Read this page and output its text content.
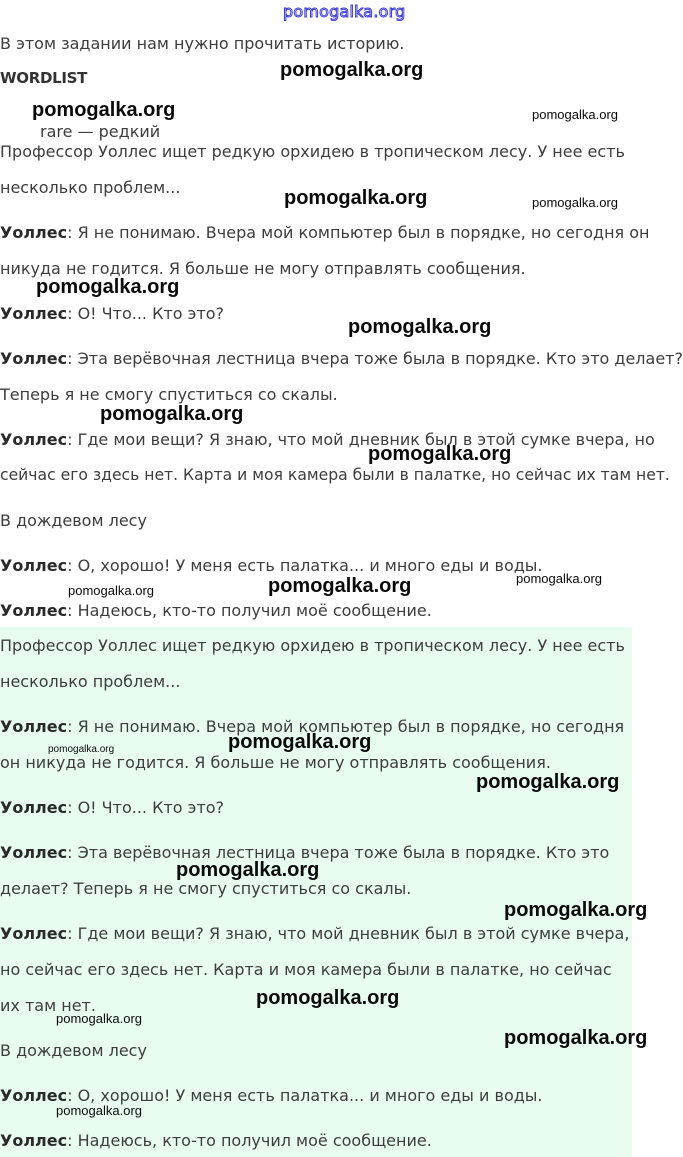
pomogalka.org
В этом задании нам нужно прочитать историю.
WORDLIST
rare — редкий
Профессор Уоллес ищет редкую орхидею в тропическом лесу. У нее есть
несколько проблем...
Уоллес: Я не понимаю. Вчера мой компьютер был в порядке, но сегодня он
никуда не годится. Я больше не могу отправлять сообщения.
Уоллес: О! Что... Кто это?
Уоллес: Эта верёвочная лестница вчера тоже была в порядке. Кто это делает?
Теперь я не смогу спуститься со скалы.
Уоллес: Где мои вещи? Я знаю, что мой дневник был в этой сумке вчера, но
сейчас его здесь нет. Карта и моя камера были в палатке, но сейчас их там нет.
В дождевом лесу
Уоллес: О, хорошо! У меня есть палатка... и много еды и воды.
Уоллес: Надеюсь, кто-то получил моё сообщение.
Профессор Уоллес ищет редкую орхидею в тропическом лесу. У нее есть
несколько проблем...
Уоллес: Я не понимаю. Вчера мой компьютер был в порядке, но сегодня
он никуда не годится. Я больше не могу отправлять сообщения.
Уоллес: О! Что... Кто это?
Уоллес: Эта верёвочная лестница вчера тоже была в порядке. Кто это
делает? Теперь я не смогу спуститься со скалы.
Уоллес: Где мои вещи? Я знаю, что мой дневник был в этой сумке вчера,
но сейчас его здесь нет. Карта и моя камера были в палатке, но сейчас
их там нет.
В дождевом лесу
Уоллес: О, хорошо! У меня есть палатка... и много еды и воды.
Уоллес: Надеюсь, кто-то получил моё сообщение.
pomogalka.org
pomogalka.org	pomogalka.org
pomogalka.org	pomogalka.org
pomogalka.org
pomogalka.org
pomogalka.org
pomogalka.org
pomogalka.org	pomogalka.org
pomogalka.org
pomogalka.org
pomogalka.org
pomogalka.org
pomogalka.org
pomogalka.org
pomogalka.org
pomogalka.org
pomogalka.org
pomogalka.org
